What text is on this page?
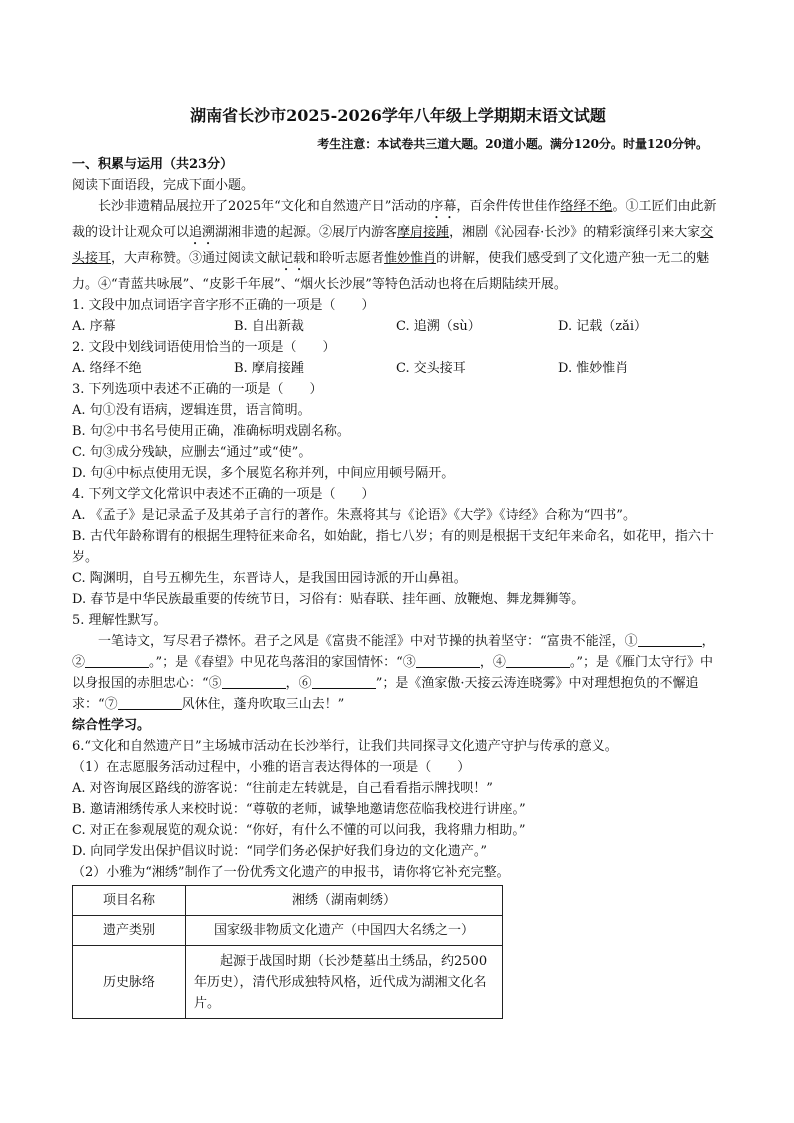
湖南省长沙市2025-2026学年八年级上学期期末语文试题
考生注意：本试卷共三道大题。20道小题。满分120分。时量120分钟。

一、积累与运用（共23分）

阅读下面语段，完成下面小题。

长沙非遗精品展拉开了2025年“文化和自然遗产日”活动的序幕，百余件传世佳作络绎不绝。①工匠们由此新裁的设计让观众可以追溯湖湘非遗的起源。②展厅内游客摩肩接踵，湘剧《沁园春·长沙》的精彩演绎引来大家交头接耳，大声称赞。③通过阅读文献记载和聆听志愿者惟妙惟肖的讲解，使我们感受到了文化遗产独一无二的魅力。④“青蓝共咏展”、“皮影千年展”、“烟火长沙展”等特色活动也将在后期陆续开展。

1. 文段中加点词语字音字形不正确的一项是（　　）

A. 序幕	B. 自出新裁	C. 追溯（sù）	D. 记载（zǎi）

2. 文段中划线词语使用恰当的一项是（　　）

A. 络绎不绝	B. 摩肩接踵	C. 交头接耳	D. 惟妙惟肖

3. 下列选项中表述不正确的一项是（　　）

A. 句①没有语病，逻辑连贯，语言简明。

B. 句②中书名号使用正确，准确标明戏剧名称。

C. 句③成分残缺，应删去“通过”或“使”。

D. 句④中标点使用无误，多个展览名称并列，中间应用顿号隔开。

4. 下列文学文化常识中表述不正确的一项是（　　）

A. 《孟子》是记录孟子及其弟子言行的著作。朱熹将其与《论语》《大学》《诗经》合称为“四书”。

B. 古代年龄称谓有的根据生理特征来命名，如始龀，指七八岁；有的则是根据干支纪年来命名，如花甲，指六十岁。

C. 陶渊明，自号五柳先生，东晋诗人，是我国田园诗派的开山鼻祖。

D. 春节是中华民族最重要的传统节日，习俗有：贴春联、挂年画、放鞭炮、舞龙舞狮等。

5. 理解性默写。

一笔诗文，写尽君子襟怀。君子之风是《富贵不能淫》中对节操的执着坚守：“富贵不能淫，①	，②	。”；是《春望》中见花鸟落泪的家国情怀：“③	，④	。”；是《雁门太守行》中以身报国的赤胆忠心：“⑤	，⑥	”；是《渔家傲·天接云涛连晓雾》中对理想抱负的不懈追求：“⑦	风休住，蓬舟吹取三山去！”

综合性学习。

6.“文化和自然遗产日”主场城市活动在长沙举行，让我们共同探寻文化遗产守护与传承的意义。

（1）在志愿服务活动过程中，小雅的语言表达得体的一项是（　　）

A. 对咨询展区路线的游客说：“往前走左转就是，自己看看指示牌找呗！”

B. 邀请湘绣传承人来校时说：“尊敬的老师，诚挚地邀请您莅临我校进行讲座。”

C. 对正在参观展览的观众说：“你好，有什么不懂的可以问我，我将鼎力相助。”

D. 向同学发出保护倡议时说：“同学们务必保护好我们身边的文化遗产。”

（2）小雅为“湘绣”制作了一份优秀文化遗产的申报书，请你将它补充完整。

项目名称	湘绣（湖南刺绣）
遗产类别	国家级非物质文化遗产（中国四大名绣之一）
历史脉络	起源于战国时期（长沙楚墓出土绣品，约2500年历史），清代形成独特风格，近代成为湖湘文化名片。
